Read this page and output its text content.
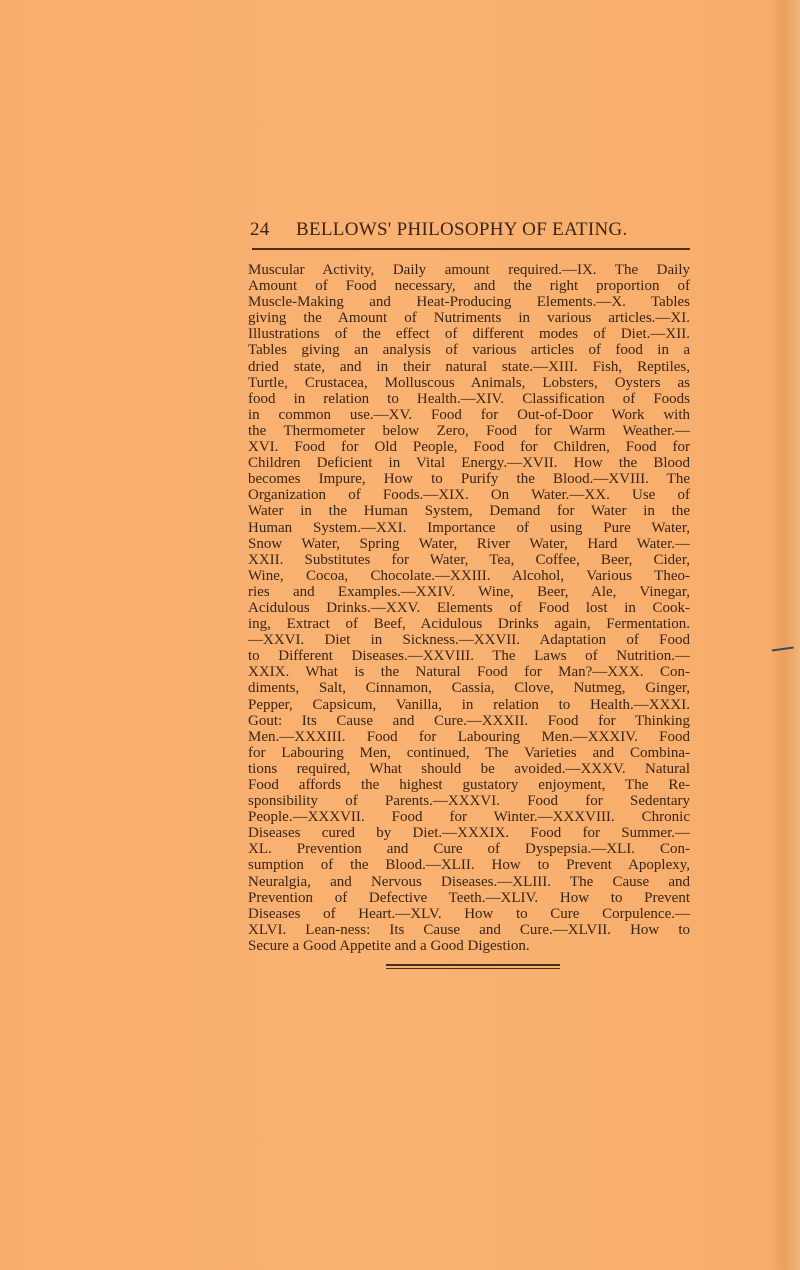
24 BELLOWS' PHILOSOPHY OF EATING.
Muscular Activity, Daily amount required.—IX. The Daily
Amount of Food necessary, and the right proportion of
Muscle-Making and Heat-Producing Elements.—X. Tables
giving the Amount of Nutriments in various articles.—XI.
Illustrations of the effect of different modes of Diet.—XII.
Tables giving an analysis of various articles of food in a
dried state, and in their natural state.—XIII. Fish, Reptiles,
Turtle, Crustacea, Molluscous Animals, Lobsters, Oysters as
food in relation to Health.—XIV. Classification of Foods
in common use.—XV. Food for Out-of-Door Work with
the Thermometer below Zero, Food for Warm Weather.—
XVI. Food for Old People, Food for Children, Food for
Children Deficient in Vital Energy.—XVII. How the Blood
becomes Impure, How to Purify the Blood.—XVIII. The
Organization of Foods.—XIX. On Water.—XX. Use of
Water in the Human System, Demand for Water in the
Human System.—XXI. Importance of using Pure Water,
Snow Water, Spring Water, River Water, Hard Water.—
XXII. Substitutes for Water, Tea, Coffee, Beer, Cider,
Wine, Cocoa, Chocolate.—XXIII. Alcohol, Various Theo-
ries and Examples.—XXIV. Wine, Beer, Ale, Vinegar,
Acidulous Drinks.—XXV. Elements of Food lost in Cook-
ing, Extract of Beef, Acidulous Drinks again, Fermentation.
—XXVI. Diet in Sickness.—XXVII. Adaptation of Food
to Different Diseases.—XXVIII. The Laws of Nutrition.—
XXIX. What is the Natural Food for Man?—XXX. Con-
diments, Salt, Cinnamon, Cassia, Clove, Nutmeg, Ginger,
Pepper, Capsicum, Vanilla, in relation to Health.—XXXI.
Gout: Its Cause and Cure.—XXXII. Food for Thinking
Men.—XXXIII. Food for Labouring Men.—XXXIV. Food
for Labouring Men, continued, The Varieties and Combina-
tions required, What should be avoided.—XXXV. Natural
Food affords the highest gustatory enjoyment, The Re-
sponsibility of Parents.—XXXVI. Food for Sedentary
People.—XXXVII. Food for Winter.—XXXVIII. Chronic
Diseases cured by Diet.—XXXIX. Food for Summer.—
XL. Prevention and Cure of Dyspepsia.—XLI. Con-
sumption of the Blood.—XLII. How to Prevent Apoplexy,
Neuralgia, and Nervous Diseases.—XLIII. The Cause and
Prevention of Defective Teeth.—XLIV. How to Prevent
Diseases of Heart.—XLV. How to Cure Corpulence.—
XLVI. Lean-ness: Its Cause and Cure.—XLVII. How to
Secure a Good Appetite and a Good Digestion.
